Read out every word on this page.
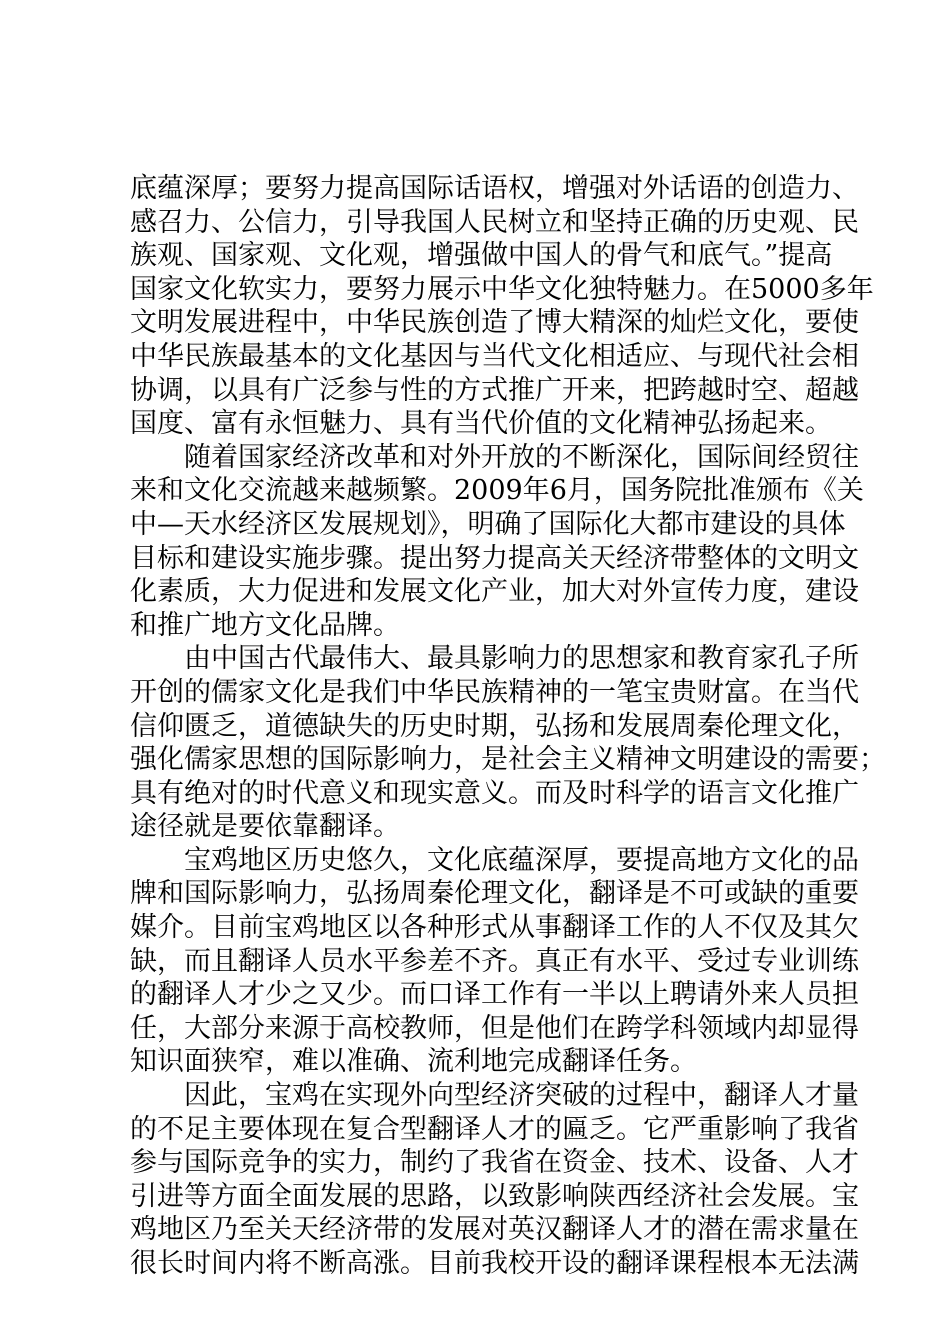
底蕴深厚；要努力提高国际话语权，增强对外话语的创造力、
感召力、公信力，引导我国人民树立和坚持正确的历史观、民
族观、国家观、文化观，增强做中国人的骨气和底气。”提高
国家文化软实力，要努力展示中华文化独特魅力。在5000多年
文明发展进程中，中华民族创造了博大精深的灿烂文化，要使
中华民族最基本的文化基因与当代文化相适应、与现代社会相
协调，以具有广泛参与性的方式推广开来，把跨越时空、超越
国度、富有永恒魅力、具有当代价值的文化精神弘扬起来。
随着国家经济改革和对外开放的不断深化，国际间经贸往
来和文化交流越来越频繁。2009年6月，国务院批准颁布《关
中—天水经济区发展规划》，明确了国际化大都市建设的具体
目标和建设实施步骤。提出努力提高关天经济带整体的文明文
化素质，大力促进和发展文化产业，加大对外宣传力度，建设
和推广地方文化品牌。
由中国古代最伟大、最具影响力的思想家和教育家孔子所
开创的儒家文化是我们中华民族精神的一笔宝贵财富。在当代
信仰匮乏，道德缺失的历史时期，弘扬和发展周秦伦理文化，
强化儒家思想的国际影响力，是社会主义精神文明建设的需要；
具有绝对的时代意义和现实意义。而及时科学的语言文化推广
途径就是要依靠翻译。
宝鸡地区历史悠久，文化底蕴深厚，要提高地方文化的品
牌和国际影响力，弘扬周秦伦理文化，翻译是不可或缺的重要
媒介。目前宝鸡地区以各种形式从事翻译工作的人不仅及其欠
缺，而且翻译人员水平参差不齐。真正有水平、受过专业训练
的翻译人才少之又少。而口译工作有一半以上聘请外来人员担
任，大部分来源于高校教师，但是他们在跨学科领域内却显得
知识面狭窄，难以准确、流利地完成翻译任务。
因此，宝鸡在实现外向型经济突破的过程中，翻译人才量
的不足主要体现在复合型翻译人才的匾乏。它严重影响了我省
参与国际竞争的实力，制约了我省在资金、技术、设备、人才
引进等方面全面发展的思路，以致影响陕西经济社会发展。宝
鸡地区乃至关天经济带的发展对英汉翻译人才的潜在需求量在
很长时间内将不断高涨。目前我校开设的翻译课程根本无法满
